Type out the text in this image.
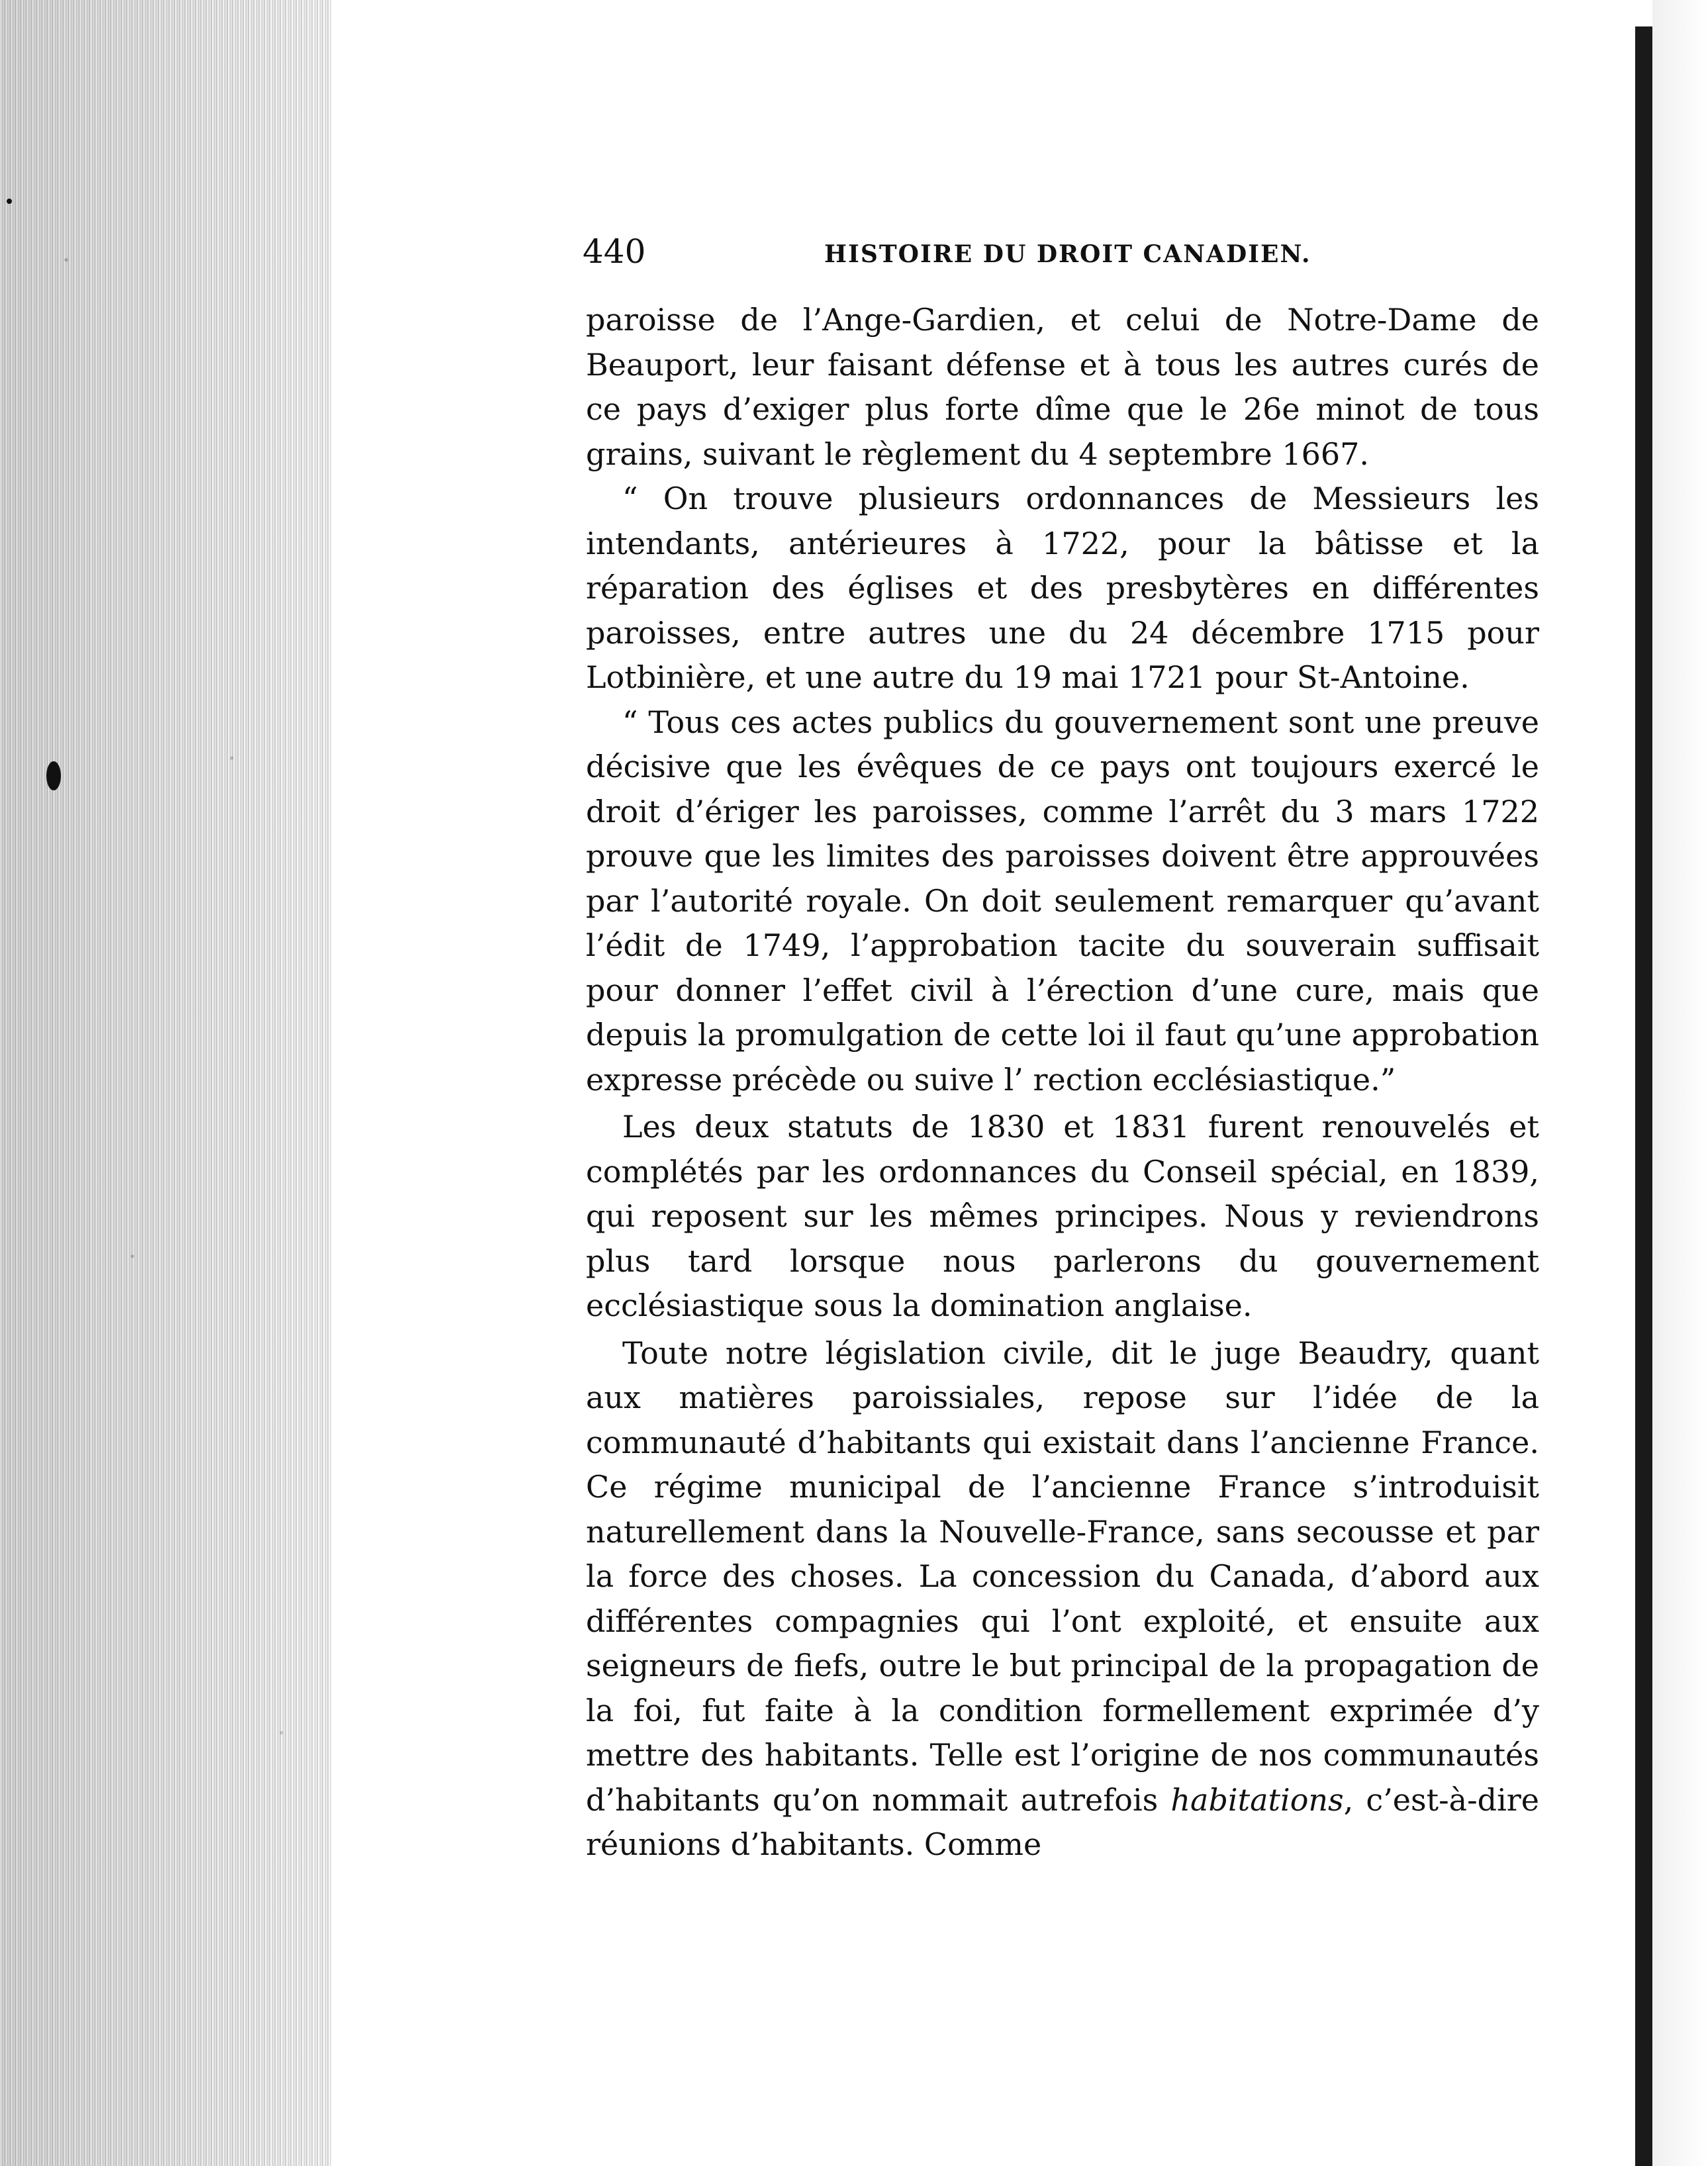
440	HISTOIRE DU DROIT CANADIEN.

paroisse de l’Ange-Gardien, et celui de Notre-Dame de Beauport, leur faisant défense et à tous les autres curés de ce pays d’exiger plus forte dîme que le 26e minot de tous grains, suivant le règlement du 4 septembre 1667.

“ On trouve plusieurs ordonnances de Messieurs les intendants, antérieures à 1722, pour la bâtisse et la réparation des églises et des presbytères en différentes paroisses, entre autres une du 24 décembre 1715 pour Lotbinière, et une autre du 19 mai 1721 pour St-Antoine.

“ Tous ces actes publics du gouvernement sont une preuve décisive que les évêques de ce pays ont toujours exercé le droit d’ériger les paroisses, comme l’arrêt du 3 mars 1722 prouve que les limites des paroisses doivent être approuvées par l’autorité royale. On doit seulement remarquer qu’avant l’édit de 1749, l’approbation tacite du souverain suffisait pour donner l’effet civil à l’érection d’une cure, mais que depuis la promulgation de cette loi il faut qu’une approbation expresse précède ou suive l’ rection ecclésiastique.”

Les deux statuts de 1830 et 1831 furent renouvelés et complétés par les ordonnances du Conseil spécial, en 1839, qui reposent sur les mêmes principes. Nous y reviendrons plus tard lorsque nous parlerons du gouvernement ecclésiastique sous la domination anglaise.

Toute notre législation civile, dit le juge Beaudry, quant aux matières paroissiales, repose sur l’idée de la communauté d’habitants qui existait dans l’ancienne France. Ce régime municipal de l’ancienne France s’introduisit naturellement dans la Nouvelle-France, sans secousse et par la force des choses. La concession du Canada, d’abord aux différentes compagnies qui l’ont exploité, et ensuite aux seigneurs de fiefs, outre le but principal de la propagation de la foi, fut faite à la condition formellement exprimée d’y mettre des habitants. Telle est l’origine de nos communautés d’habitants qu’on nommait autrefois habitations, c’est-à-dire réunions d’habitants. Comme
